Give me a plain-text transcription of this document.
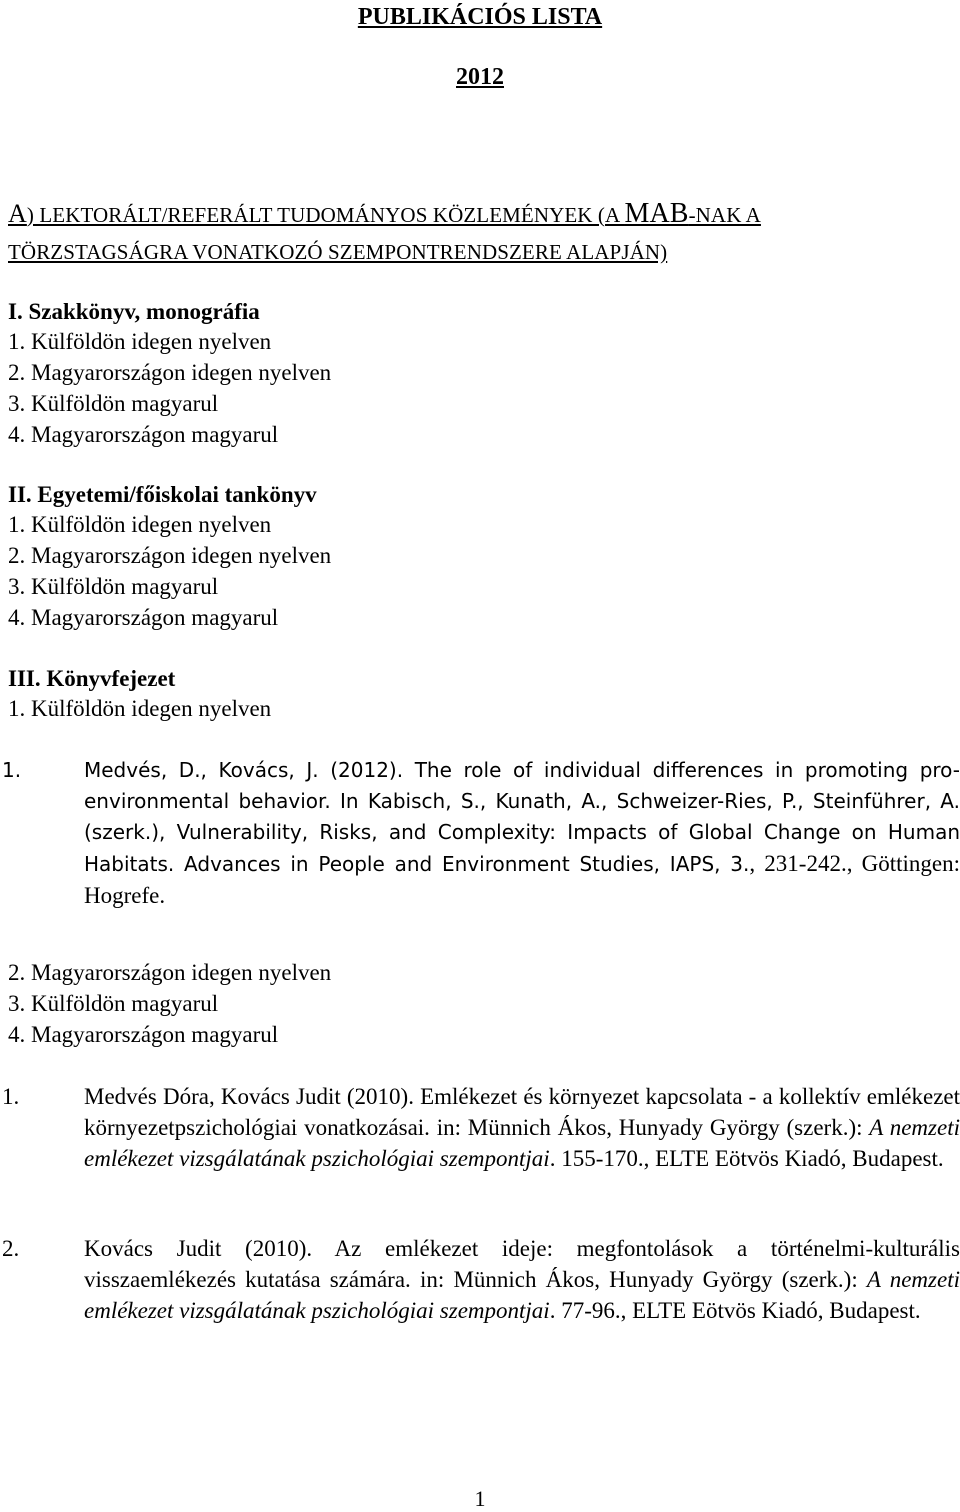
PUBLIKÁCIÓS LISTA
2012
A) LEKTORÁLT/REFERÁLT TUDOMÁNYOS KÖZLEMÉNYEK (A MAB-NAK A
TÖRZSTAGSÁGRA VONATKOZÓ SZEMPONTRENDSZERE ALAPJÁN)
I. Szakkönyv, monográfia
1. Külföldön idegen nyelven
2. Magyarországon idegen nyelven
3. Külföldön magyarul
4. Magyarországon magyarul
II. Egyetemi/főiskolai tankönyv
1. Külföldön idegen nyelven
2. Magyarországon idegen nyelven
3. Külföldön magyarul
4. Magyarországon magyarul
III. Könyvfejezet
1. Külföldön idegen nyelven
1.	Medvés, D., Kovács, J. (2012). The role of individual differences in promoting pro-environmental behavior. In Kabisch, S., Kunath, A., Schweizer-Ries, P., Steinführer, A. (szerk.), Vulnerability, Risks, and Complexity: Impacts of Global Change on Human Habitats. Advances in People and Environment Studies, IAPS, 3., 231-242., Göttingen: Hogrefe.
2. Magyarországon idegen nyelven
3. Külföldön magyarul
4. Magyarországon magyarul
1.	Medvés Dóra, Kovács Judit (2010). Emlékezet és környezet kapcsolata - a kollektív emlékezet környezetpszichológiai vonatkozásai. in: Münnich Ákos, Hunyady György (szerk.): A nemzeti emlékezet vizsgálatának pszichológiai szempontjai. 155-170., ELTE Eötvös Kiadó, Budapest.
2.	Kovács Judit (2010). Az emlékezet ideje: megfontolások a történelmi-kulturális visszaemlékezés kutatása számára. in: Münnich Ákos, Hunyady György (szerk.): A nemzeti emlékezet vizsgálatának pszichológiai szempontjai. 77-96., ELTE Eötvös Kiadó, Budapest.
1
